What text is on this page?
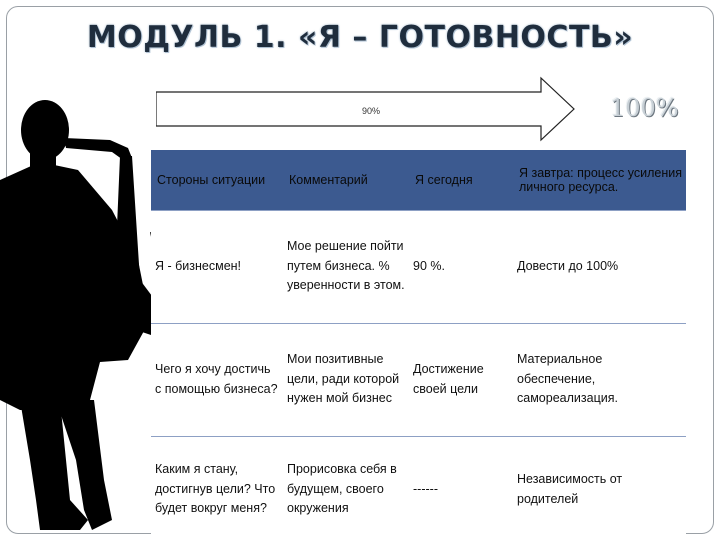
МОДУЛЬ 1. «Я – ГОТОВНОСТЬ»
90%	100%
Стороны ситуации	Комментарий	Я сегодня	Я завтра: процесс усиления личного ресурса.
Я - бизнесмен!	Мое решение пойти путем бизнеса. % уверенности в этом.	90 %.	Довести до 100%
Чего я хочу достичь с помощью бизнеса?	Мои позитивные цели, ради которой нужен мой бизнес	Достижение своей цели	Материальное обеспечение, самореализация.
Каким я стану, достигнув цели? Что будет вокруг меня?	Прорисовка себя в будущем, своего окружения	------	Независимость от родителей
